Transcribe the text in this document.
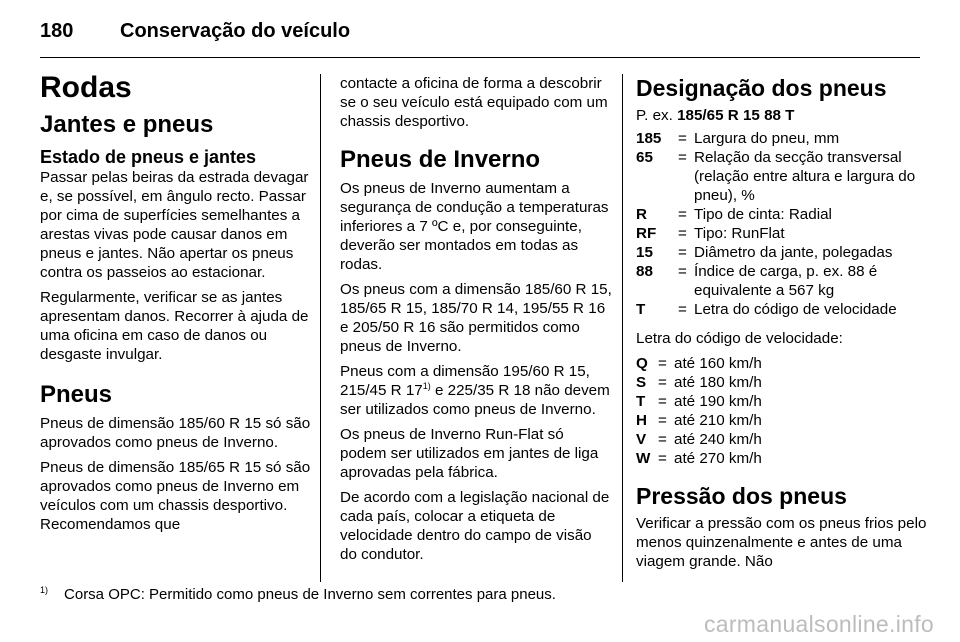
180 Conservação do veículo
Rodas
Jantes e pneus
Estado de pneus e jantes

Passar pelas beiras da estrada devagar e, se possível, em ângulo recto. Passar por cima de superfícies semelhantes a arestas vivas pode causar danos em pneus e jantes. Não apertar os pneus contra os passeios ao estacionar.

Regularmente, verificar se as jantes apresentam danos. Recorrer à ajuda de uma oficina em caso de danos ou desgaste invulgar.

Pneus

Pneus de dimensão 185/60 R 15 só são aprovados como pneus de Inverno.

Pneus de dimensão 185/65 R 15 só são aprovados como pneus de Inverno em veículos com um chassis desportivo. Recomendamos que

contacte a oficina de forma a descobrir se o seu veículo está equipado com um chassis desportivo.

Pneus de Inverno

Os pneus de Inverno aumentam a segurança de condução a temperaturas inferiores a 7 ºC e, por conseguinte, deverão ser montados em todas as rodas.

Os pneus com a dimensão 185/60 R 15, 185/65 R 15, 185/70 R 14, 195/55 R 16 e 205/50 R 16 são permitidos como pneus de Inverno.

Pneus com a dimensão 195/60 R 15, 215/45 R 17$^{1)}$ e 225/35 R 18 não devem ser utilizados como pneus de Inverno.

Os pneus de Inverno Run-Flat só podem ser utilizados em jantes de liga aprovadas pela fábrica.

De acordo com a legislação nacional de cada país, colocar a etiqueta de velocidade dentro do campo de visão do condutor.

Designação dos pneus

P. ex. 185/65 R 15 88 T

185	=	Largura do pneu, mm
65	=	Relação da secção transversal (relação entre altura e largura do pneu), %
R	=	Tipo de cinta: Radial
RF	=	Tipo: RunFlat
15	=	Diâmetro da jante, polegadas
88	=	Índice de carga, p. ex. 88 é equivalente a 567 kg
T	=	Letra do código de velocidade

Letra do código de velocidade:

Q	=	até 160 km/h
S	=	até 180 km/h
T	=	até 190 km/h
H	=	até 210 km/h
V	=	até 240 km/h
W	=	até 270 km/h
Pressão dos pneus

Verificar a pressão com os pneus frios pelo menos quinzenalmente e antes de uma viagem grande. Não

$^{1)}$ Corsa OPC: Permitido como pneus de Inverno sem correntes para pneus.
carmanualsonline.info
